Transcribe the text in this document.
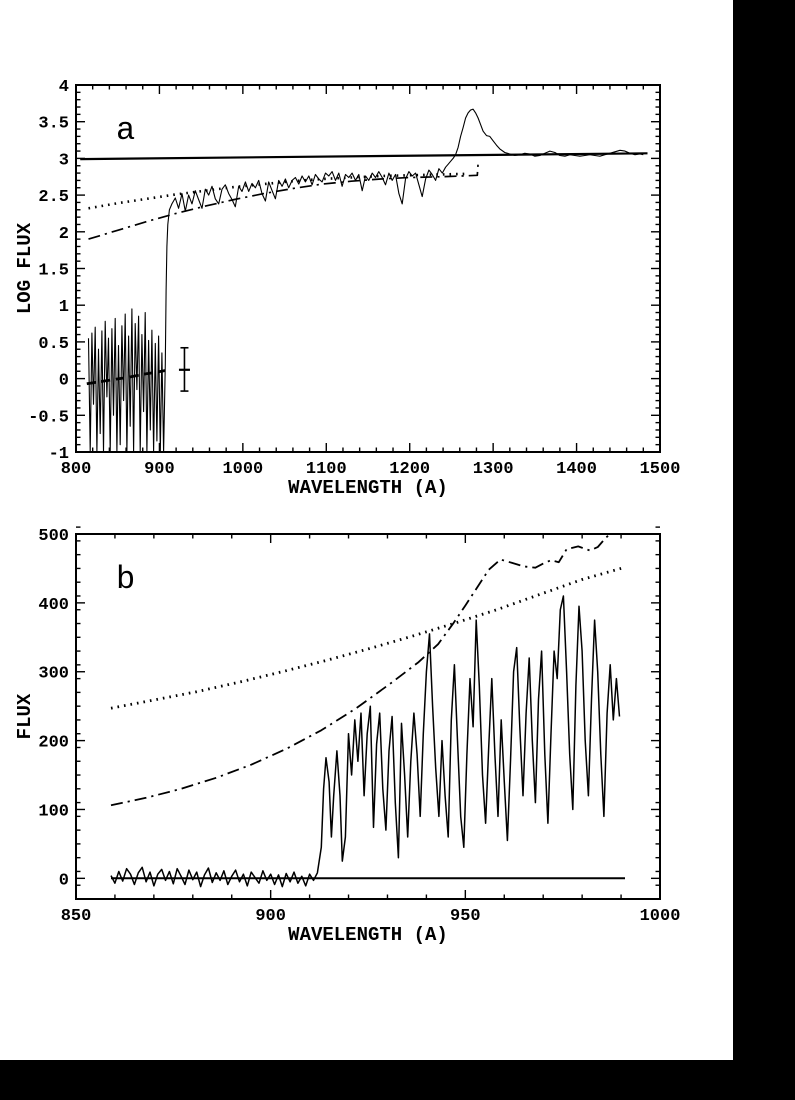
800	900	1000	1100	1200	1300	1400	1500
4
3.5
3
2.5
2
1.5
1
0.5
0
-0.5
-1
WAVELENGTH (A)
LOG FLUX
a
850	900	950	1000
500
400
300
200
100
0
WAVELENGTH (A)
FLUX
b
